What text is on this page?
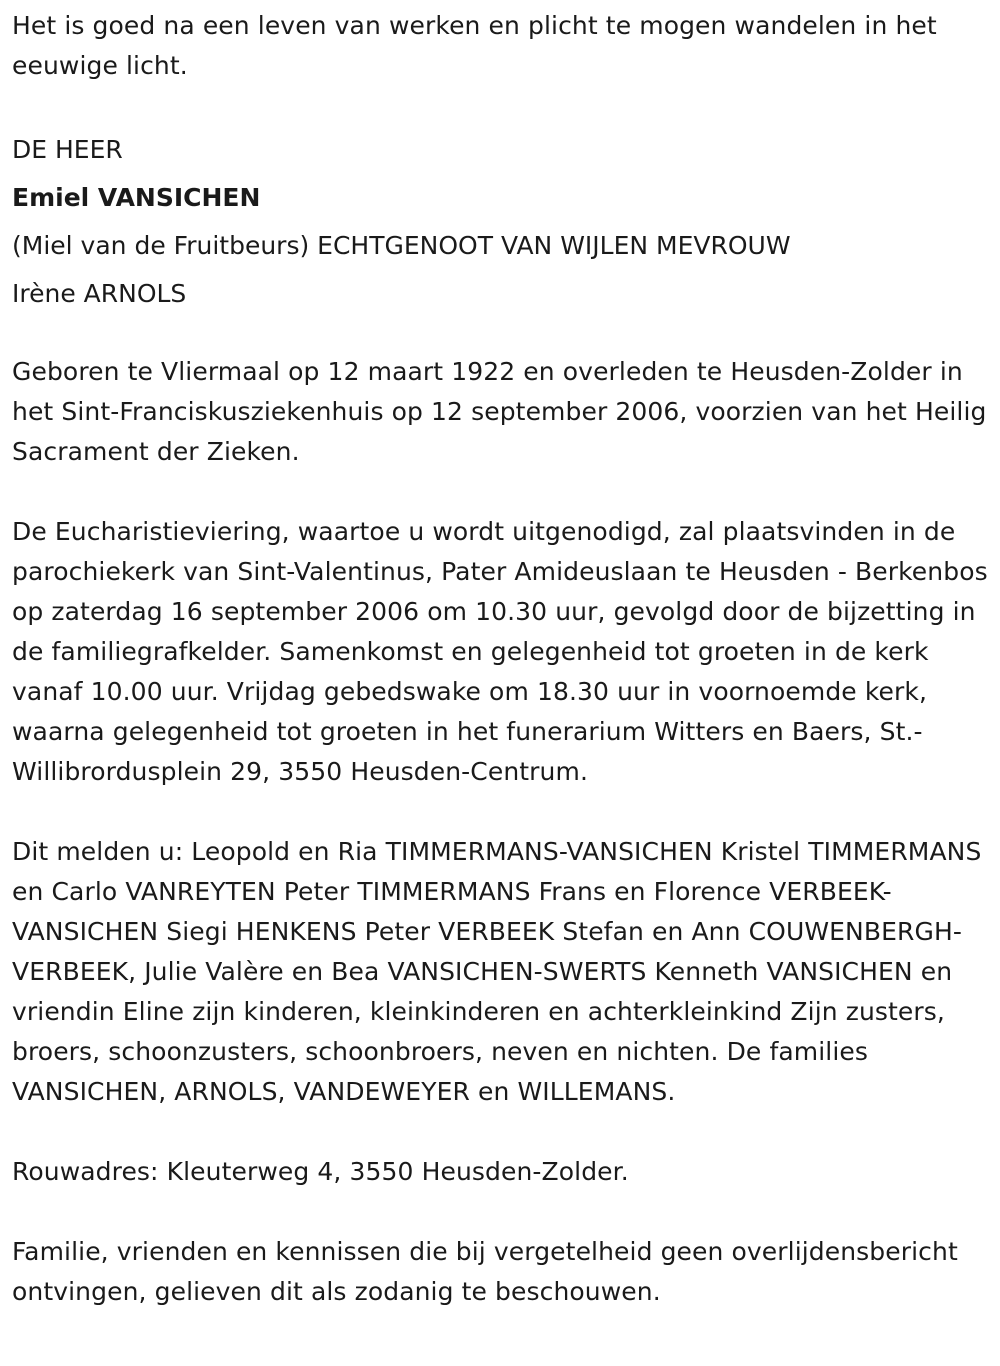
Het is goed na een leven van werken en plicht te mogen wandelen in het eeuwige licht.

DE HEER
Emiel VANSICHEN
(Miel van de Fruitbeurs) ECHTGENOOT VAN WIJLEN MEVROUW
Irène ARNOLS

Geboren te Vliermaal op 12 maart 1922 en overleden te Heusden-Zolder in het Sint-Franciskusziekenhuis op 12 september 2006, voorzien van het Heilig Sacrament der Zieken.

De Eucharistieviering, waartoe u wordt uitgenodigd, zal plaatsvinden in de parochiekerk van Sint-Valentinus, Pater Amideuslaan te Heusden - Berkenbos op zaterdag 16 september 2006 om 10.30 uur, gevolgd door de bijzetting in de familiegrafkelder. Samenkomst en gelegenheid tot groeten in de kerk vanaf 10.00 uur. Vrijdag gebedswake om 18.30 uur in voornoemde kerk, waarna gelegenheid tot groeten in het funerarium Witters en Baers, St.-Willibrordusplein 29, 3550 Heusden-Centrum.

Dit melden u: Leopold en Ria TIMMERMANS-VANSICHEN Kristel TIMMERMANS en Carlo VANREYTEN Peter TIMMERMANS Frans en Florence VERBEEK-VANSICHEN Siegi HENKENS Peter VERBEEK Stefan en Ann COUWENBERGH-VERBEEK, Julie Valère en Bea VANSICHEN-SWERTS Kenneth VANSICHEN en vriendin Eline zijn kinderen, kleinkinderen en achterkleinkind Zijn zusters, broers, schoonzusters, schoonbroers, neven en nichten. De families VANSICHEN, ARNOLS, VANDEWEYER en WILLEMANS.

Rouwadres: Kleuterweg 4, 3550 Heusden-Zolder.

Familie, vrienden en kennissen die bij vergetelheid geen overlijdensbericht ontvingen, gelieven dit als zodanig te beschouwen.
